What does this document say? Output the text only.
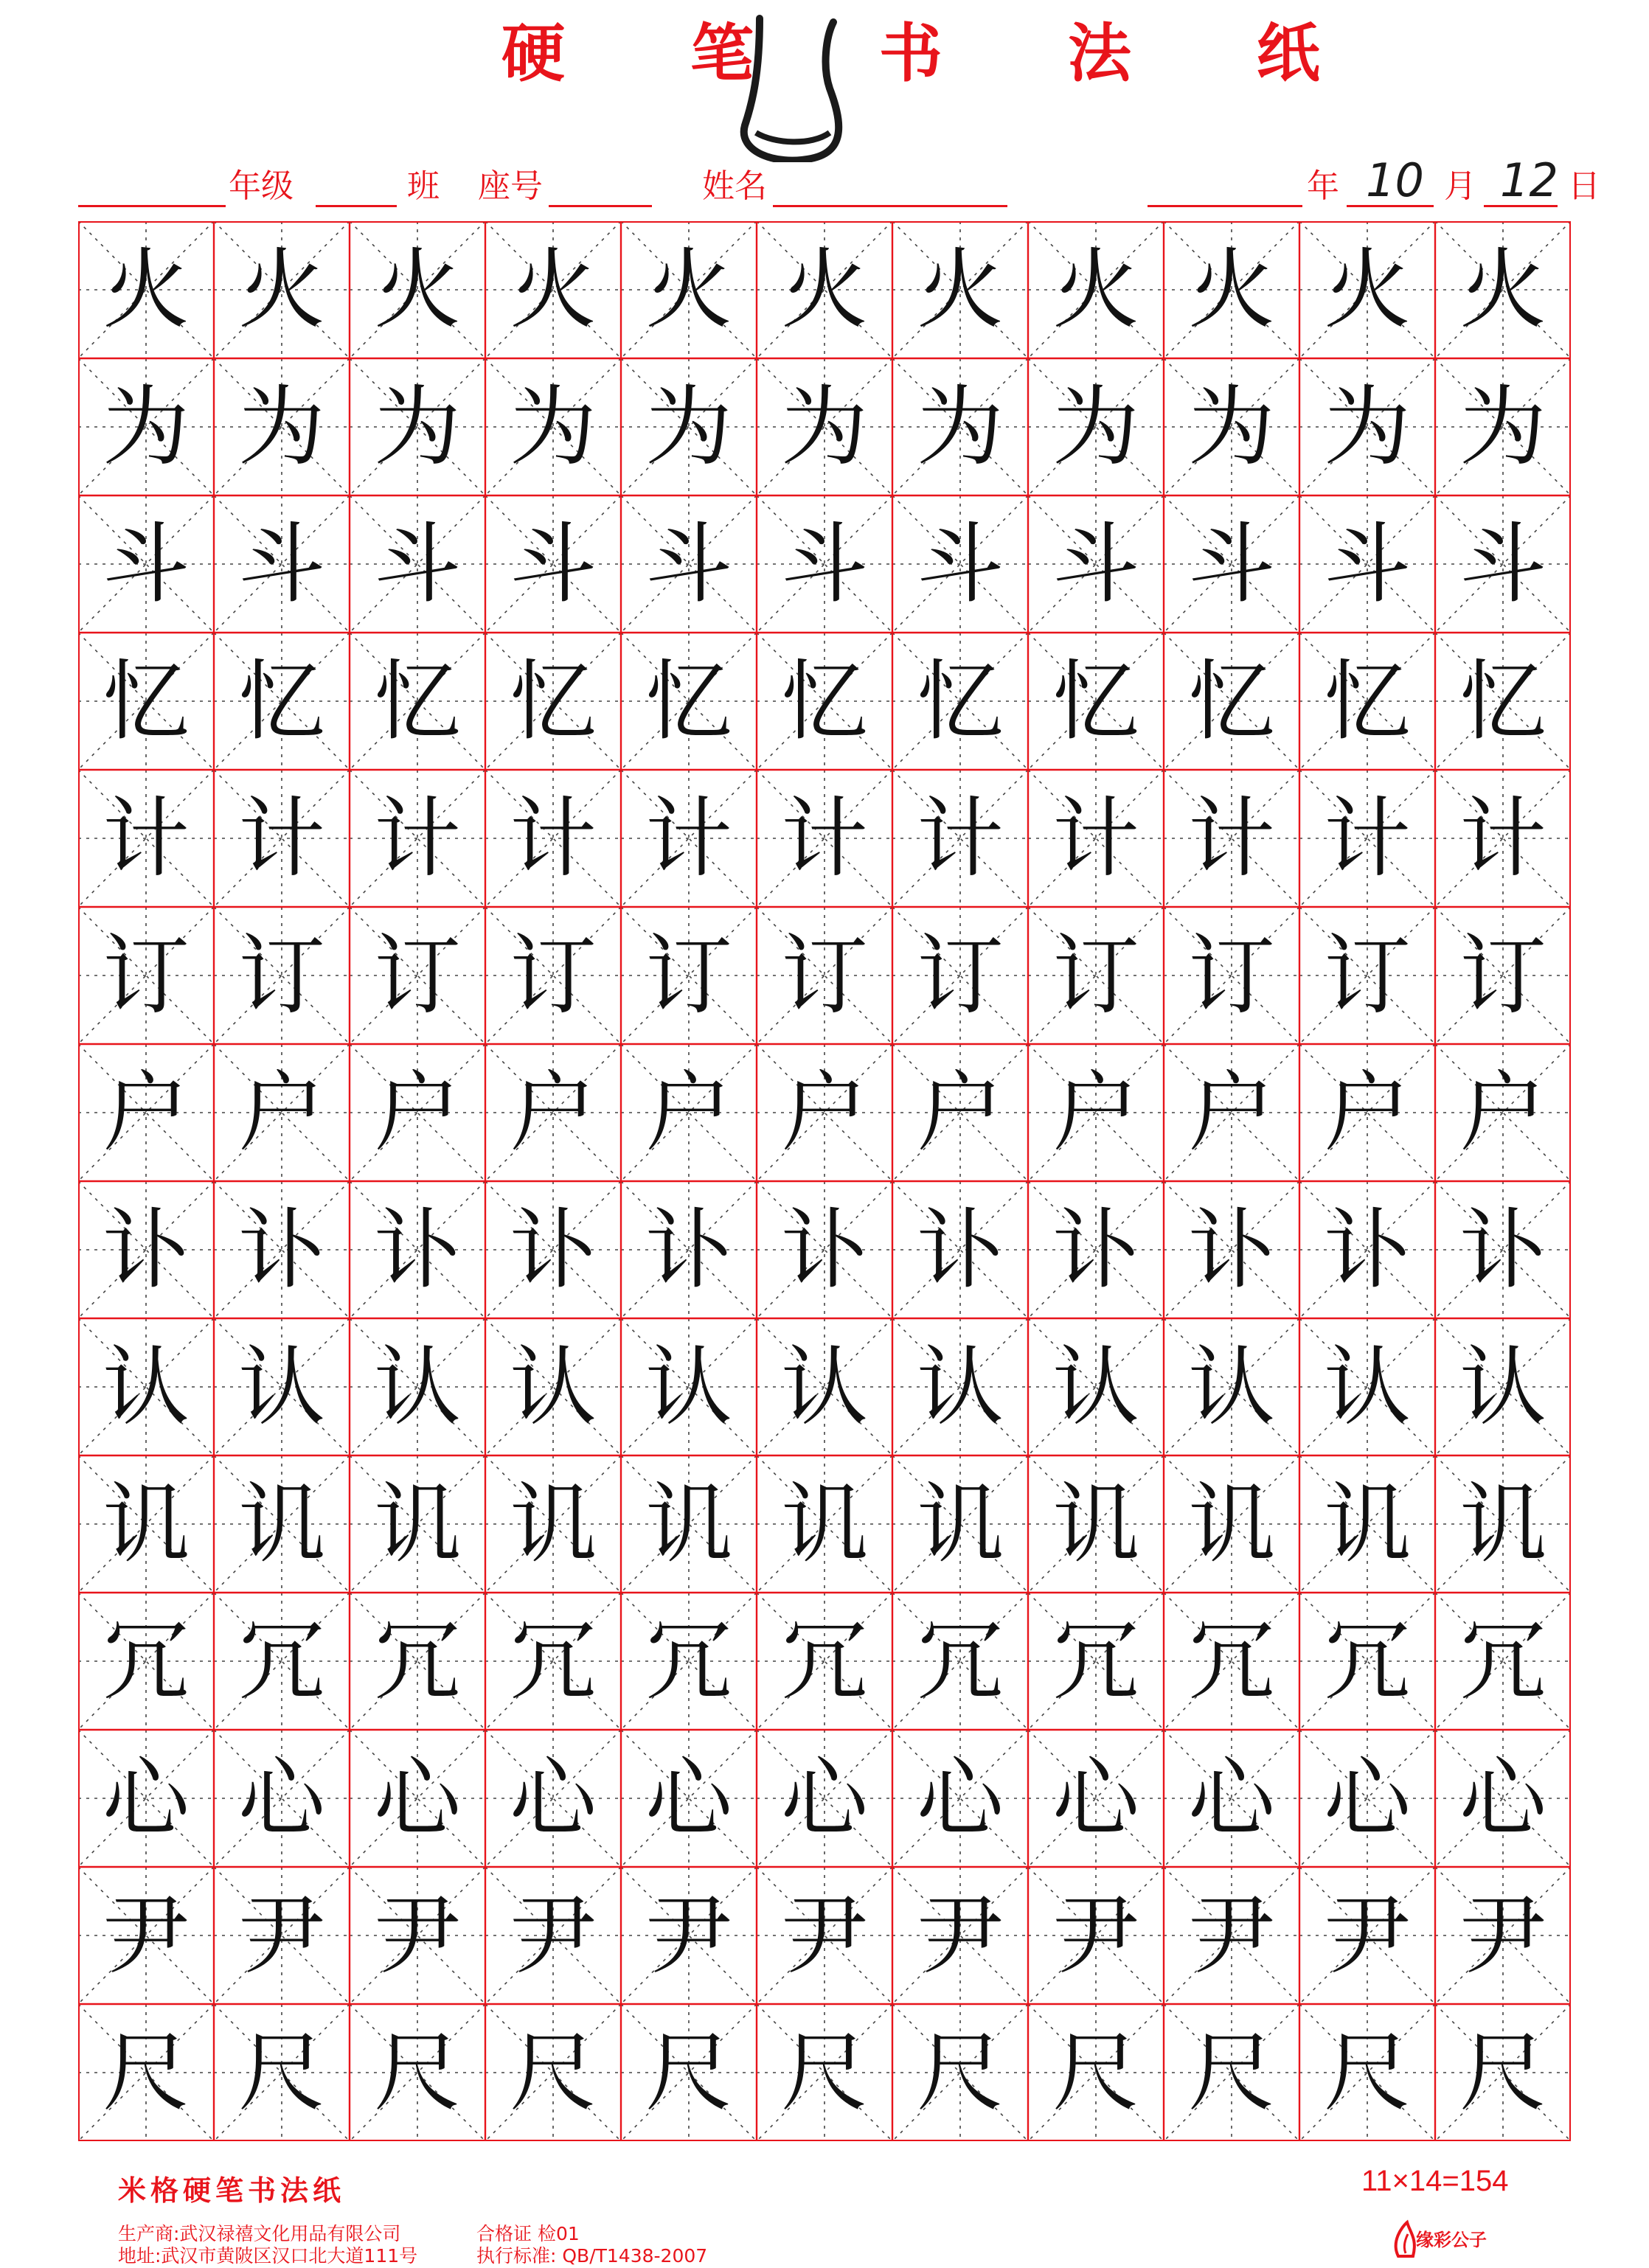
硬 笔 书 法 纸
年级	班 座号	姓名	年 10 月 12 日
火 火 火 火 火 火 火 火 火 火 火
为 为 为 为 为 为 为 为 为 为 为
斗 斗 斗 斗 斗 斗 斗 斗 斗 斗 斗
忆 忆 忆 忆 忆 忆 忆 忆 忆 忆 忆
计 计 计 计 计 计 计 计 计 计 计
订 订 订 订 订 订 订 订 订 订 订
户 户 户 户 户 户 户 户 户 户 户
讣 讣 讣 讣 讣 讣 讣 讣 讣 讣 讣
认 认 认 认 认 认 认 认 认 认 认
讥 讥 讥 讥 讥 讥 讥 讥 讥 讥 讥
冗 冗 冗 冗 冗 冗 冗 冗 冗 冗 冗
心 心 心 心 心 心 心 心 心 心 心
尹 尹 尹 尹 尹 尹 尹 尹 尹 尹 尹
尺 尺 尺 尺 尺 尺 尺 尺 尺 尺 尺
米格硬笔书法纸	11×14=154
生产商:武汉禄禧文化用品有限公司
地址:武汉市黄陂区汉口北大道111号
合格证 检01
执行标准: QB/T1438-2007
缘彩公子
